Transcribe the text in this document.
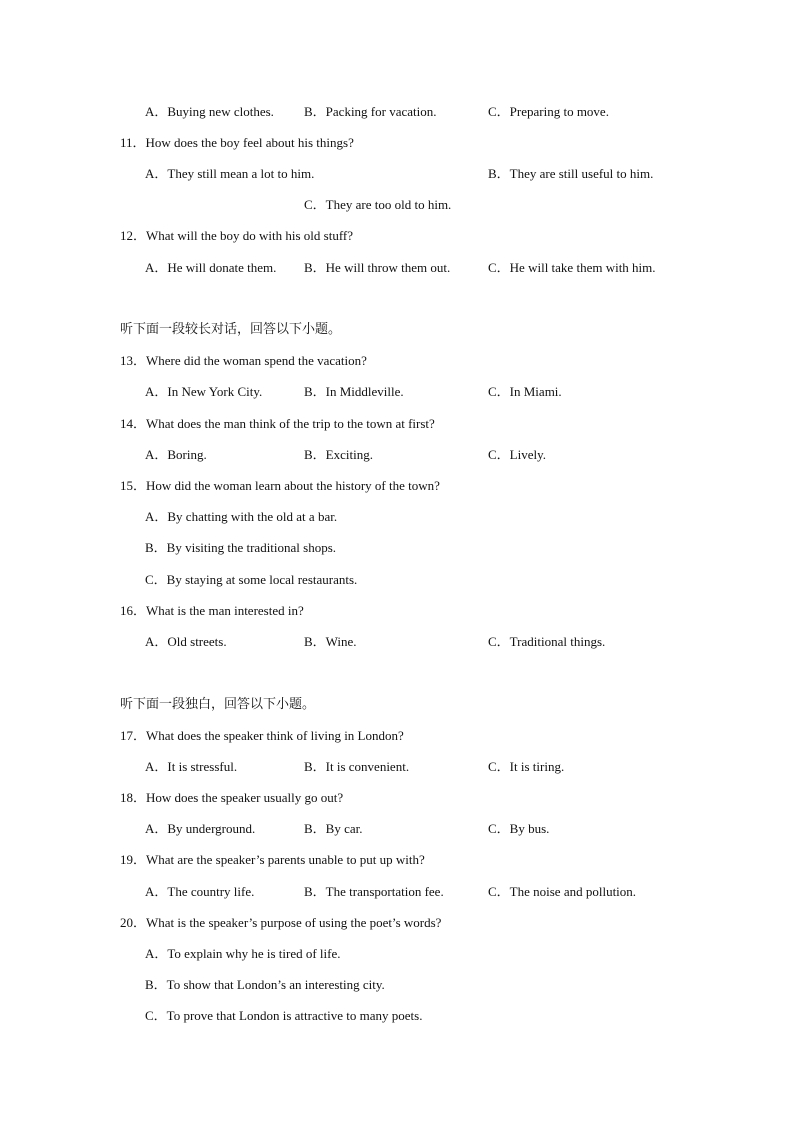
A．Buying new clothes. B．Packing for vacation.	C．Preparing to move.
11．How does the boy feel about his things?
A．They still mean a lot to him.	B．They are still useful to him.
C．They are too old to him.
12．What will the boy do with his old stuff?
A．He will donate them. B．He will throw them out.	C．He will take them with him.
听下面一段较长对话，回答以下小题。
13．Where did the woman spend the vacation?
A．In New York City.	B．In Middleville.	C．In Miami.
14．What does the man think of the trip to the town at first?
A．Boring.	B．Exciting.	C．Lively.
15．How did the woman learn about the history of the town?
A．By chatting with the old at a bar.
B．By visiting the traditional shops.
C．By staying at some local restaurants.
16．What is the man interested in?
A．Old streets.	B．Wine.	C．Traditional things.
听下面一段独白，回答以下小题。
17．What does the speaker think of living in London?
A．It is stressful.	B．It is convenient.	C．It is tiring.
18．How does the speaker usually go out?
A．By underground.	B．By car.	C．By bus.
19．What are the speaker’s parents unable to put up with?
A．The country life.	B．The transportation fee.	C．The noise and pollution.
20．What is the speaker’s purpose of using the poet’s words?
A．To explain why he is tired of life.
B．To show that London’s an interesting city.
C．To prove that London is attractive to many poets.
